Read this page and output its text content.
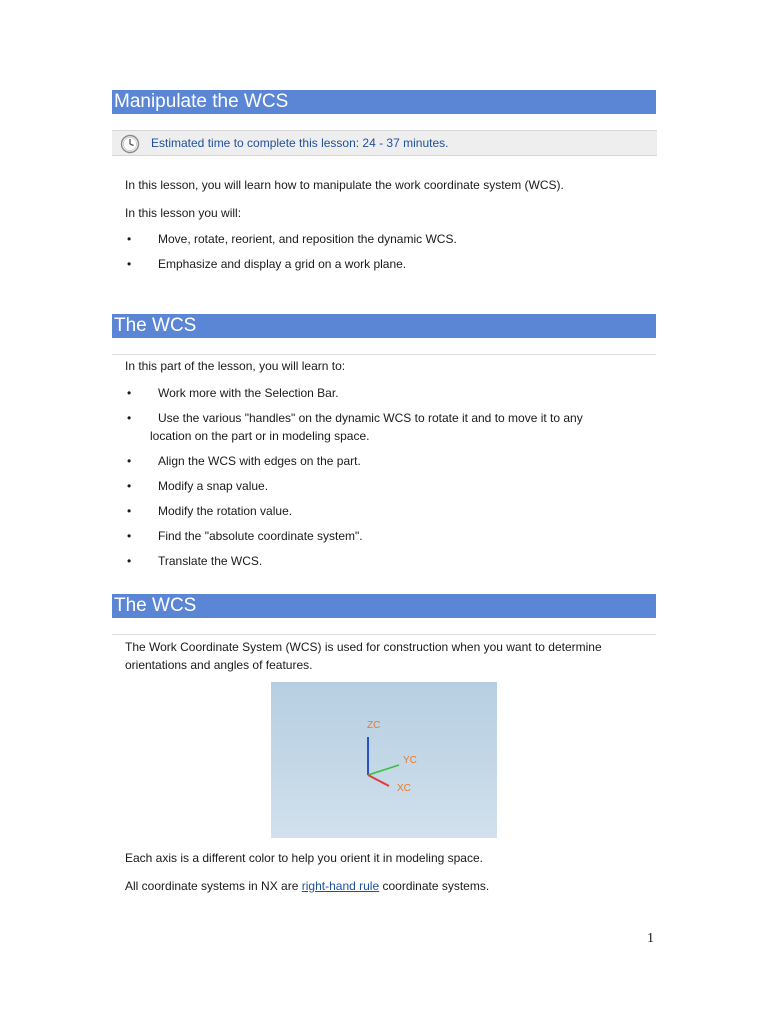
Manipulate the WCS
Estimated time to complete this lesson: 24 - 37 minutes.
In this lesson, you will learn how to manipulate the work coordinate system (WCS).
In this lesson you will:
• Move, rotate, reorient, and reposition the dynamic WCS.
• Emphasize and display a grid on a work plane.
The WCS
In this part of the lesson, you will learn to:
• Work more with the Selection Bar.
• Use the various "handles" on the dynamic WCS to rotate it and to move it to any
location on the part or in modeling space.
• Align the WCS with edges on the part.
• Modify a snap value.
• Modify the rotation value.
• Find the "absolute coordinate system".
• Translate the WCS.
The WCS
The Work Coordinate System (WCS) is used for construction when you want to determine
orientations and angles of features.
ZC
YC
XC
Each axis is a different color to help you orient it in modeling space.
All coordinate systems in NX are right-hand rule coordinate systems.
1
